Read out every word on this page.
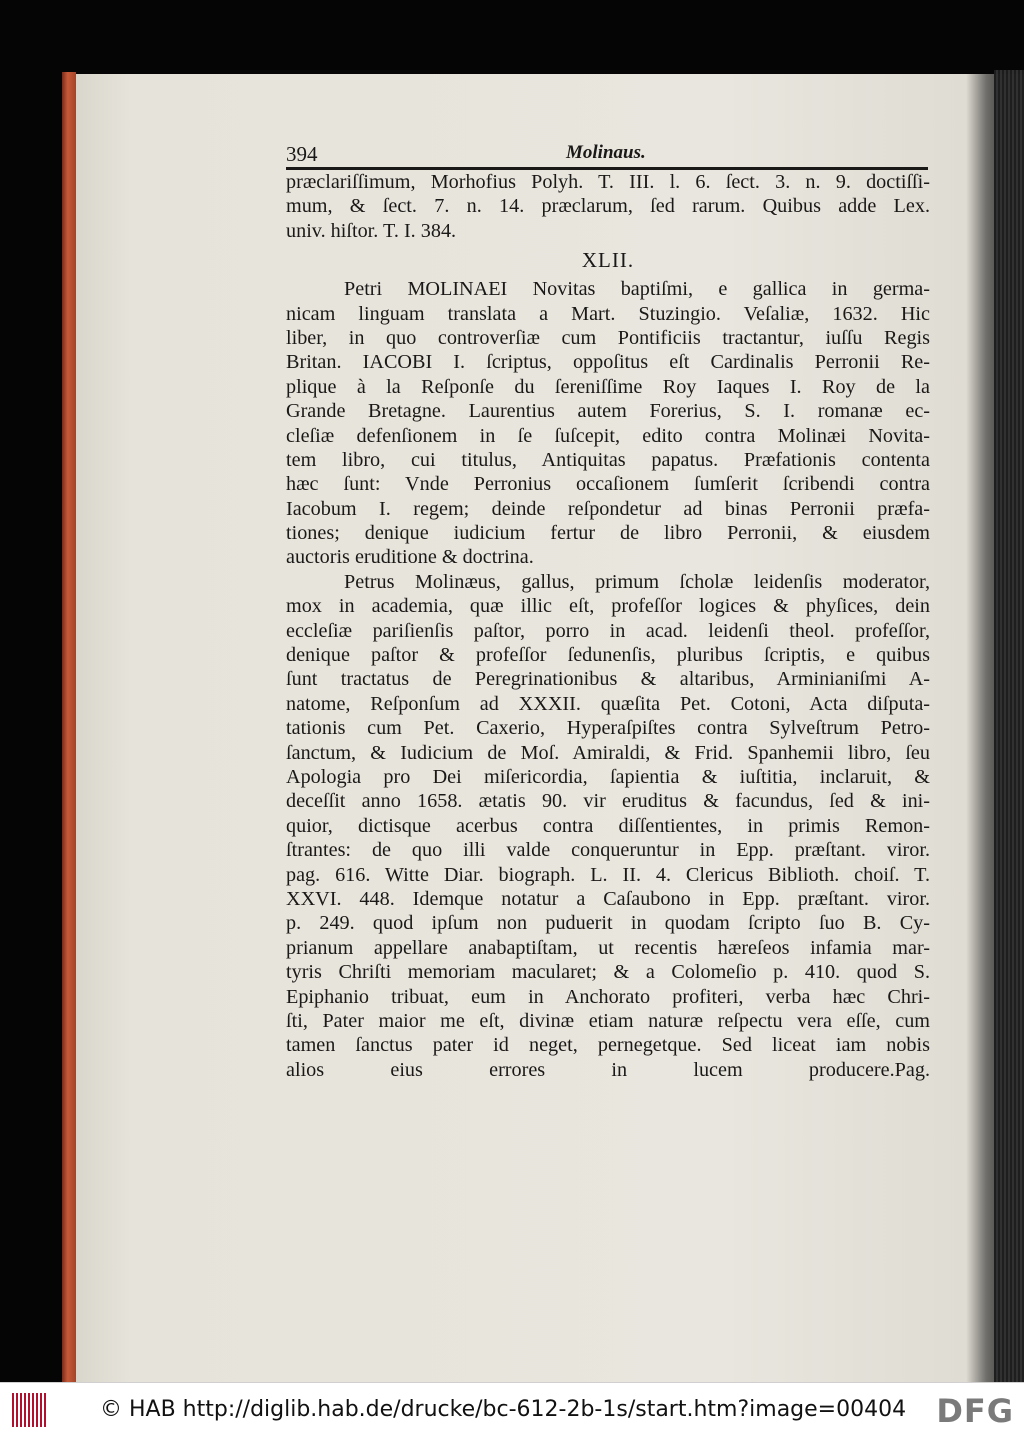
394	Molinaus.
præclariſſimum, Morhofius Polyh. T. III. l. 6. ſect. 3. n. 9. doctiſſi-
mum, & ſect. 7. n. 14. præclarum, ſed rarum. Quibus adde Lex.
univ. hiſtor. T. I. 384.
XLII.
Petri MOLINAEI Novitas baptiſmi, e gallica in germa-
nicam linguam translata a Mart. Stuzingio. Veſaliæ, 1632. Hic
liber, in quo controverſiæ cum Pontificiis tractantur, iuſſu Regis
Britan. IACOBI I. ſcriptus, oppoſitus eſt Cardinalis Perronii Re-
plique à la Reſponſe du ſereniſſime Roy Iaques I. Roy de la
Grande Bretagne. Laurentius autem Forerius, S. I. romanæ ec-
cleſiæ defenſionem in ſe ſuſcepit, edito contra Molinæi Novita-
tem libro, cui titulus, Antiquitas papatus. Præfationis contenta
hæc ſunt: Vnde Perronius occaſionem ſumſerit ſcribendi contra
Iacobum I. regem; deinde reſpondetur ad binas Perronii præfa-
tiones; denique iudicium fertur de libro Perronii, & eiusdem
auctoris eruditione & doctrina.
Petrus Molinæus, gallus, primum ſcholæ leidenſis moderator,
mox in academia, quæ illic eſt, profeſſor logices & phyſices, dein
eccleſiæ pariſienſis paſtor, porro in acad. leidenſi theol. profeſſor,
denique paſtor & profeſſor ſedunenſis, pluribus ſcriptis, e quibus
ſunt tractatus de Peregrinationibus & altaribus, Arminianiſmi A-
natome, Reſponſum ad XXXII. quæſita Pet. Cotoni, Acta diſputa-
tationis cum Pet. Caxerio, Hyperaſpiſtes contra Sylveſtrum Petro-
ſanctum, & Iudicium de Moſ. Amiraldi, & Frid. Spanhemii libro, ſeu
Apologia pro Dei miſericordia, ſapientia & iuſtitia, inclaruit, &
deceſſit anno 1658. ætatis 90. vir eruditus & facundus, ſed & ini-
quior, dictisque acerbus contra diſſentientes, in primis Remon-
ſtrantes: de quo illi valde conqueruntur in Epp. præſtant. viror.
pag. 616. Witte Diar. biograph. L. II. 4. Clericus Biblioth. choiſ. T.
XXVI. 448. Idemque notatur a Caſaubono in Epp. præſtant. viror.
p. 249. quod ipſum non puduerit in quodam ſcripto ſuo B. Cy-
prianum appellare anabaptiſtam, ut recentis hæreſeos infamia mar-
tyris Chriſti memoriam macularet; & a Colomeſio p. 410. quod S.
Epiphanio tribuat, eum in Anchorato profiteri, verba hæc Chri-
ſti, Pater maior me eſt, divinæ etiam naturæ reſpectu vera eſſe, cum
tamen ſanctus pater id neget, pernegetque. Sed liceat iam nobis
alios eius errores in lucem producere.Pag.
© HAB http://diglib.hab.de/drucke/bc-612-2b-1s/start.htm?image=00404 DFG
